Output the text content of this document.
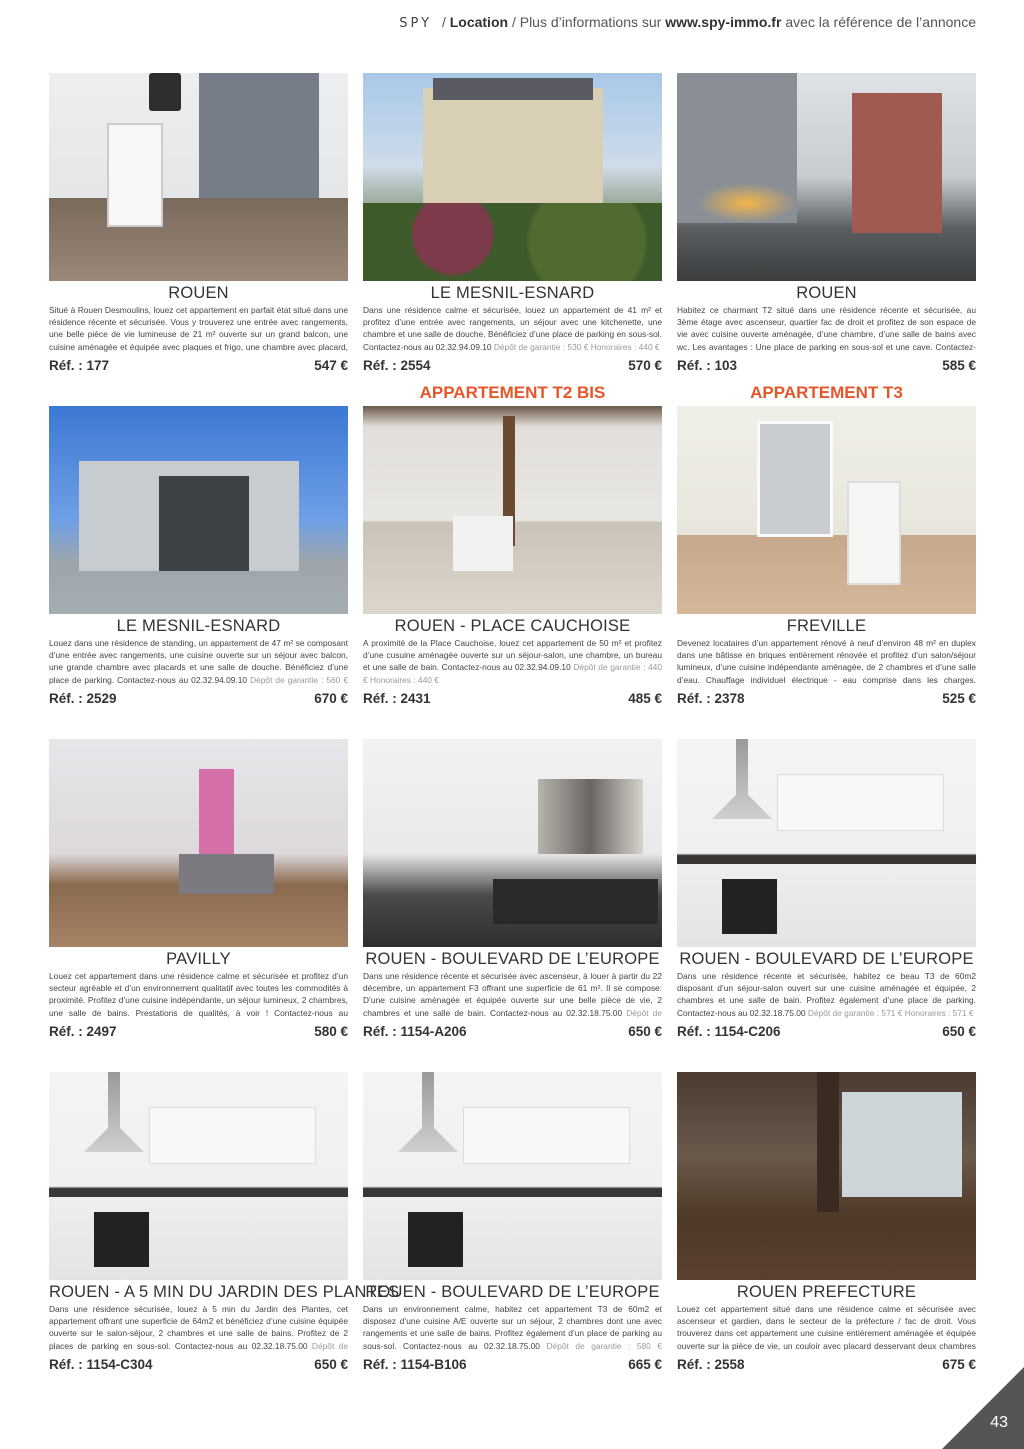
SPY / Location / Plus d’informations sur www.spy-immo.fr avec la référence de l’annonce
ROUEN
Situé à Rouen Desmoulins, louez cet appartement en parfait état situé dans une résidence récente et sécurisée. Vous y trouverez une entrée avec rangements, une belle pièce de vie lumineuse de 21 m² ouverte sur un grand balcon, une cuisine aménagée et équipée avec plaques et frigo, une chambre avec placard,
Réf. : 177	547 €
LE MESNIL-ESNARD
Dans une résidence calme et sécurisée, louez un appartement de 41 m² et profitez d’une entrée avec rangements, un séjour avec une kitchenette, une chambre et une salle de douche. Bénéficiez d’une place de parking en sous-sol. Contactez-nous au 02.32.94.09.10 Dépôt de garantie : 530 € Honoraires : 440 €
Réf. : 2554	570 €
ROUEN
Habitez ce charmant T2 situé dans une résidence récente et sécurisée, au 3ème étage avec ascenseur, quartier fac de droit et profitez de son espace de vie avec cuisine ouverte aménagée, d’une chambre, d’une salle de bains avec wc. Les avantages : Une place de parking en sous-sol et une cave. Contactez-
Réf. : 103	585 €
LE MESNIL-ESNARD
Louez dans une résidence de standing, un appartement de 47 m² se composant d’une entrée avec rangements, une cuisine ouverte sur un séjour avec balcon, une grande chambre avec placards et une salle de douche. Bénéficiez d’une place de parking. Contactez-nous au 02.32.94.09.10 Dépôt de garantie : 560 €
Réf. : 2529	670 €
APPARTEMENT T2 BIS
ROUEN - PLACE CAUCHOISE
A proximité de la Place Cauchoise, louez cet appartement de 50 m² et profitez d’une cusuine aménagée ouverte sur un séjour-salon, une chambre, un bureau et une salle de bain. Contactez-nous au 02.32.94.09.10 Dépôt de garantie : 440 € Honoraires : 440 €
Réf. : 2431	485 €
APPARTEMENT T3
FREVILLE
Devenez locataires d’un appartement rénové à neuf d’environ 48 m² en duplex dans une bâtisse en briques entièrement rénovée et profitez d’un salon/séjour lumineux, d’une cuisine indépendante aménagée, de 2 chambres et d’une salle d’eau. Chauffage individuel électrique - eau comprise dans les charges.
Réf. : 2378	525 €
PAVILLY
Louez cet appartement dans une résidence calme et sécurisée et profitez d’un secteur agréable et d’un environnement qualitatif avec toutes les commodités à proximité. Profitez d’une cuisine indépendante, un séjour lumineux, 2 chambres, une salle de bains. Prestations de qualités, à voir ! Contactez-nous au
Réf. : 2497	580 €
ROUEN - BOULEVARD DE L’EUROPE
Dans une résidence récente et sécurisée avec ascenseur, à louer à partir du 22 décembre, un appartement F3 offrant une superficie de 61 m². Il se compose: D’une cuisine aménagée et équipée ouverte sur une belle pièce de vie, 2 chambres et une salle de bain. Contactez-nous au 02.32.18.75.00 Dépôt de
Réf. : 1154-A206	650 €
ROUEN - BOULEVARD DE L’EUROPE
Dans une résidence récente et sécurisée, habitez ce beau T3 de 60m2 disposant d’un séjour-salon ouvert sur une cuisine aménagée et équipée, 2 chambres et une salle de bain. Profitez également d’une place de parking. Contactez-nous au 02.32.18.75.00 Dépôt de garantie : 571 € Honoraires : 571 €
Réf. : 1154-C206	650 €
ROUEN - A 5 MIN DU JARDIN DES PLANTES
Dans une résidence sécurisée, louez à 5 min du Jardin des Plantes, cet appartement offrant une superficie de 64m2 et bénéficiez d’une cuisine équipée ouverte sur le salon-séjour, 2 chambres et une salle de bains. Profitez de 2 places de parking en sous-sol. Contactez-nous au 02.32.18.75.00 Dépôt de
Réf. : 1154-C304	650 €
ROUEN - BOULEVARD DE L’EUROPE
Dans un environnement calme, habitez cet appartement T3 de 60m2 et disposez d’une cuisine A/E ouverte sur un séjour, 2 chambres dont une avec rangements et une salle de bains. Profitez également d’un place de parking au sous-sol. Contactez-nous au 02.32.18.75.00 Dépôt de garantie : 580 €
Réf. : 1154-B106	665 €
ROUEN PREFECTURE
Louez cet appartement situé dans une résidence calme et sécurisée avec ascenseur et gardien, dans le secteur de la préfecture / fac de droit. Vous trouverez dans cet appartement une cuisine entièrement aménagée et équipée ouverte sur la pièce de vie, un couloir avec placard desservant deux chambres
Réf. : 2558	675 €
43
